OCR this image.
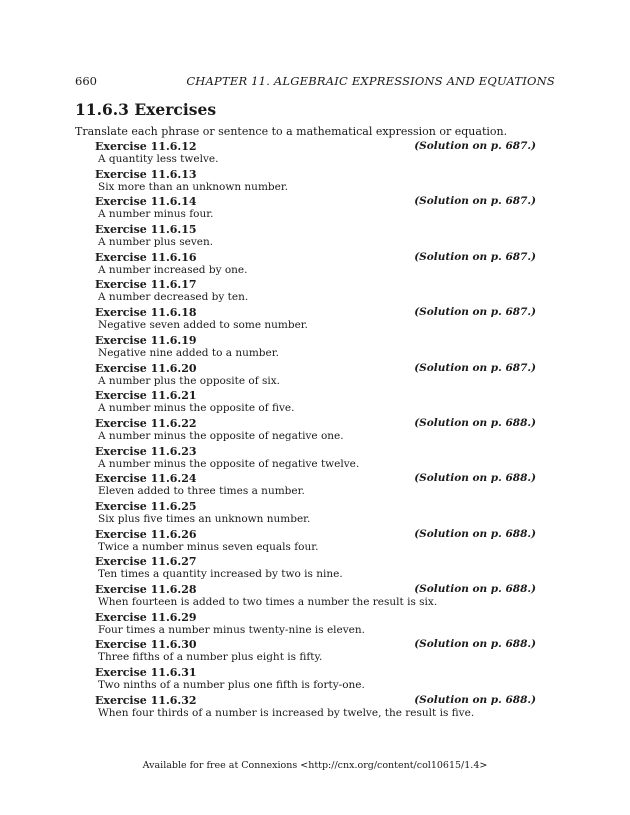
660	CHAPTER 11. ALGEBRAIC EXPRESSIONS AND EQUATIONS
11.6.3 Exercises
Translate each phrase or sentence to a mathematical expression or equation.
Exercise 11.6.12	(Solution on p. 687.)
A quantity less twelve.
Exercise 11.6.13
Six more than an unknown number.
Exercise 11.6.14	(Solution on p. 687.)
A number minus four.
Exercise 11.6.15
A number plus seven.
Exercise 11.6.16	(Solution on p. 687.)
A number increased by one.
Exercise 11.6.17
A number decreased by ten.
Exercise 11.6.18	(Solution on p. 687.)
Negative seven added to some number.
Exercise 11.6.19
Negative nine added to a number.
Exercise 11.6.20	(Solution on p. 687.)
A number plus the opposite of six.
Exercise 11.6.21
A number minus the opposite of five.
Exercise 11.6.22	(Solution on p. 688.)
A number minus the opposite of negative one.
Exercise 11.6.23
A number minus the opposite of negative twelve.
Exercise 11.6.24	(Solution on p. 688.)
Eleven added to three times a number.
Exercise 11.6.25
Six plus five times an unknown number.
Exercise 11.6.26	(Solution on p. 688.)
Twice a number minus seven equals four.
Exercise 11.6.27
Ten times a quantity increased by two is nine.
Exercise 11.6.28	(Solution on p. 688.)
When fourteen is added to two times a number the result is six.
Exercise 11.6.29
Four times a number minus twenty-nine is eleven.
Exercise 11.6.30	(Solution on p. 688.)
Three fifths of a number plus eight is fifty.
Exercise 11.6.31
Two ninths of a number plus one fifth is forty-one.
Exercise 11.6.32	(Solution on p. 688.)
When four thirds of a number is increased by twelve, the result is five.
Available for free at Connexions <http://cnx.org/content/col10615/1.4>
